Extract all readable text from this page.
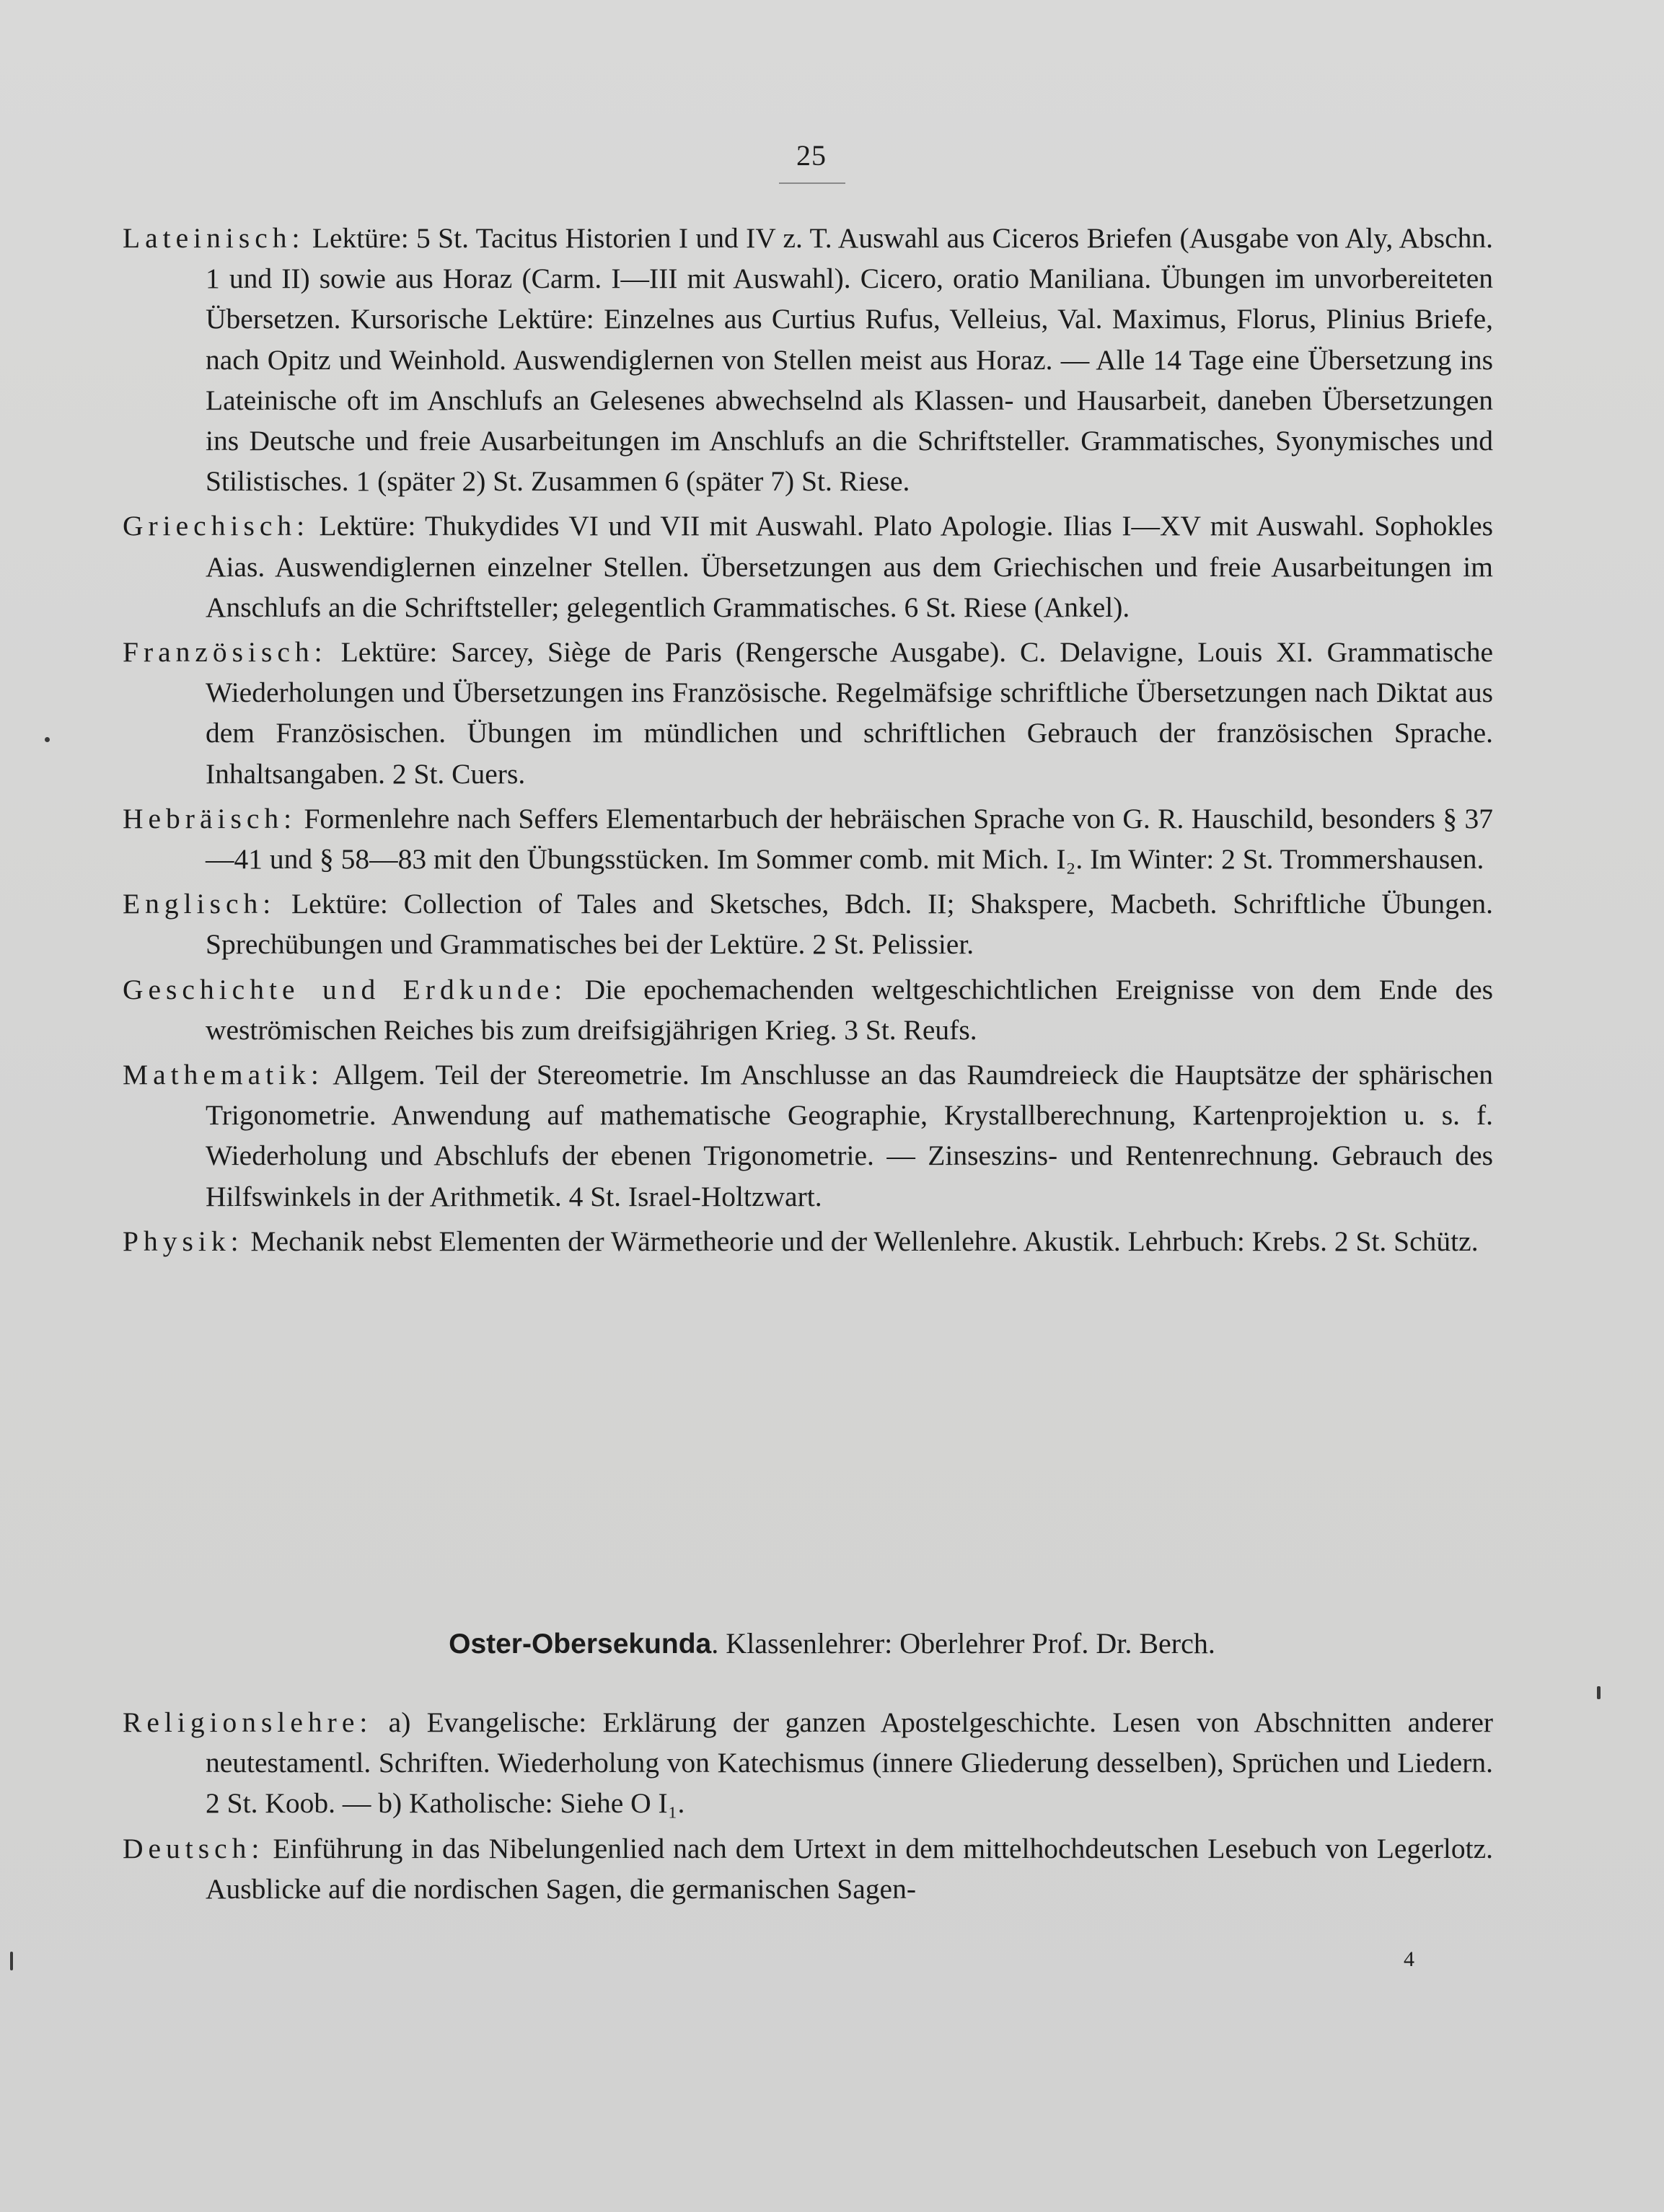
25

Lateinisch: Lektüre: 5 St. Tacitus Historien I und IV z. T. Auswahl aus Ciceros Briefen (Ausgabe von Aly, Abschn. 1 und II) sowie aus Horaz (Carm. I—III mit Auswahl). Cicero, oratio Maniliana. Übungen im unvorbereiteten Übersetzen. Kursorische Lektüre: Einzelnes aus Curtius Rufus, Velleius, Val. Maximus, Florus, Plinius Briefe, nach Opitz und Weinhold. Auswendiglernen von Stellen meist aus Horaz. — Alle 14 Tage eine Übersetzung ins Lateinische oft im Anschlufs an Gelesenes abwechselnd als Klassen- und Hausarbeit, daneben Übersetzungen ins Deutsche und freie Ausarbeitungen im Anschlufs an die Schriftsteller. Grammatisches, Syonymisches und Stilistisches. 1 (später 2) St. Zusammen 6 (später 7) St. Riese.

Griechisch: Lektüre: Thukydides VI und VII mit Auswahl. Plato Apologie. Ilias I—XV mit Auswahl. Sophokles Aias. Auswendiglernen einzelner Stellen. Übersetzungen aus dem Griechischen und freie Ausarbeitungen im Anschlufs an die Schriftsteller; gelegentlich Grammatisches. 6 St. Riese (Ankel).

Französisch: Lektüre: Sarcey, Siège de Paris (Rengersche Ausgabe). C. Delavigne, Louis XI. Grammatische Wiederholungen und Übersetzungen ins Französische. Regelmäfsige schriftliche Übersetzungen nach Diktat aus dem Französischen. Übungen im mündlichen und schriftlichen Gebrauch der französischen Sprache. Inhaltsangaben. 2 St. Cuers.

Hebräisch: Formenlehre nach Seffers Elementarbuch der hebräischen Sprache von G. R. Hauschild, besonders § 37—41 und § 58—83 mit den Übungsstücken. Im Sommer comb. mit Mich. I₂. Im Winter: 2 St. Trommershausen.

Englisch: Lektüre: Collection of Tales and Sketsches, Bdch. II; Shakspere, Macbeth. Schriftliche Übungen. Sprechübungen und Grammatisches bei der Lektüre. 2 St. Pelissier.

Geschichte und Erdkunde: Die epochemachenden weltgeschichtlichen Ereignisse von dem Ende des weströmischen Reiches bis zum dreifsigjährigen Krieg. 3 St. Reufs.

Mathematik: Allgem. Teil der Stereometrie. Im Anschlusse an das Raumdreieck die Hauptsätze der sphärischen Trigonometrie. Anwendung auf mathematische Geographie, Krystallberechnung, Kartenprojektion u. s. f. Wiederholung und Abschlufs der ebenen Trigonometrie. — Zinseszins- und Rentenrechnung. Gebrauch des Hilfswinkels in der Arithmetik. 4 St. Israel-Holtzwart.

Physik: Mechanik nebst Elementen der Wärmetheorie und der Wellenlehre. Akustik. Lehrbuch: Krebs. 2 St. Schütz.

Oster-Obersekunda. Klassenlehrer: Oberlehrer Prof. Dr. Berch.

Religionslehre: a) Evangelische: Erklärung der ganzen Apostelgeschichte. Lesen von Abschnitten anderer neutestamentl. Schriften. Wiederholung von Katechismus (innere Gliederung desselben), Sprüchen und Liedern. 2 St. Koob. — b) Katholische: Siehe O I₁.

Deutsch: Einführung in das Nibelungenlied nach dem Urtext in dem mittelhochdeutschen Lesebuch von Legerlotz. Ausblicke auf die nordischen Sagen, die germanischen Sagen-

4
